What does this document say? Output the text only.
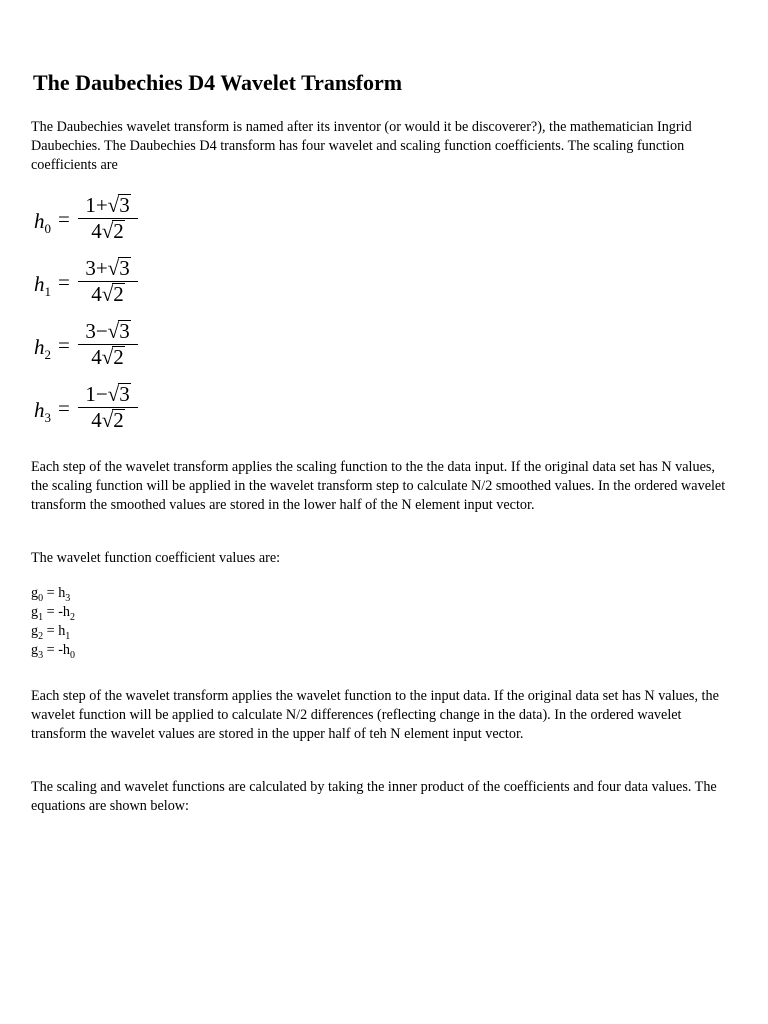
The Daubechies D4 Wavelet Transform

The Daubechies wavelet transform is named after its inventor (or would it be discoverer?), the mathematician Ingrid Daubechies. The Daubechies D4 transform has four wavelet and scaling function coefficients. The scaling function coefficients are

$h_0$ =
1+√3
4√2
$h_1$ =
3+√3
4√2
$h_2$ =
3−√3
4√2
$h_3$ =
1−√3
4√2

Each step of the wavelet transform applies the scaling function to the the data input. If the original data set has N values, the scaling function will be applied in the wavelet transform step to calculate N/2 smoothed values. In the ordered wavelet transform the smoothed values are stored in the lower half of the N element input vector.

The wavelet function coefficient values are:

$g_0 = h_3$
$g_1 = -h_2$
$g_2 = h_1$
$g_3 = -h_0$

Each step of the wavelet transform applies the wavelet function to the input data. If the original data set has N values, the wavelet function will be applied to calculate N/2 differences (reflecting change in the data). In the ordered wavelet transform the wavelet values are stored in the upper half of teh N element input vector.

The scaling and wavelet functions are calculated by taking the inner product of the coefficients and four data values. The equations are shown below:
